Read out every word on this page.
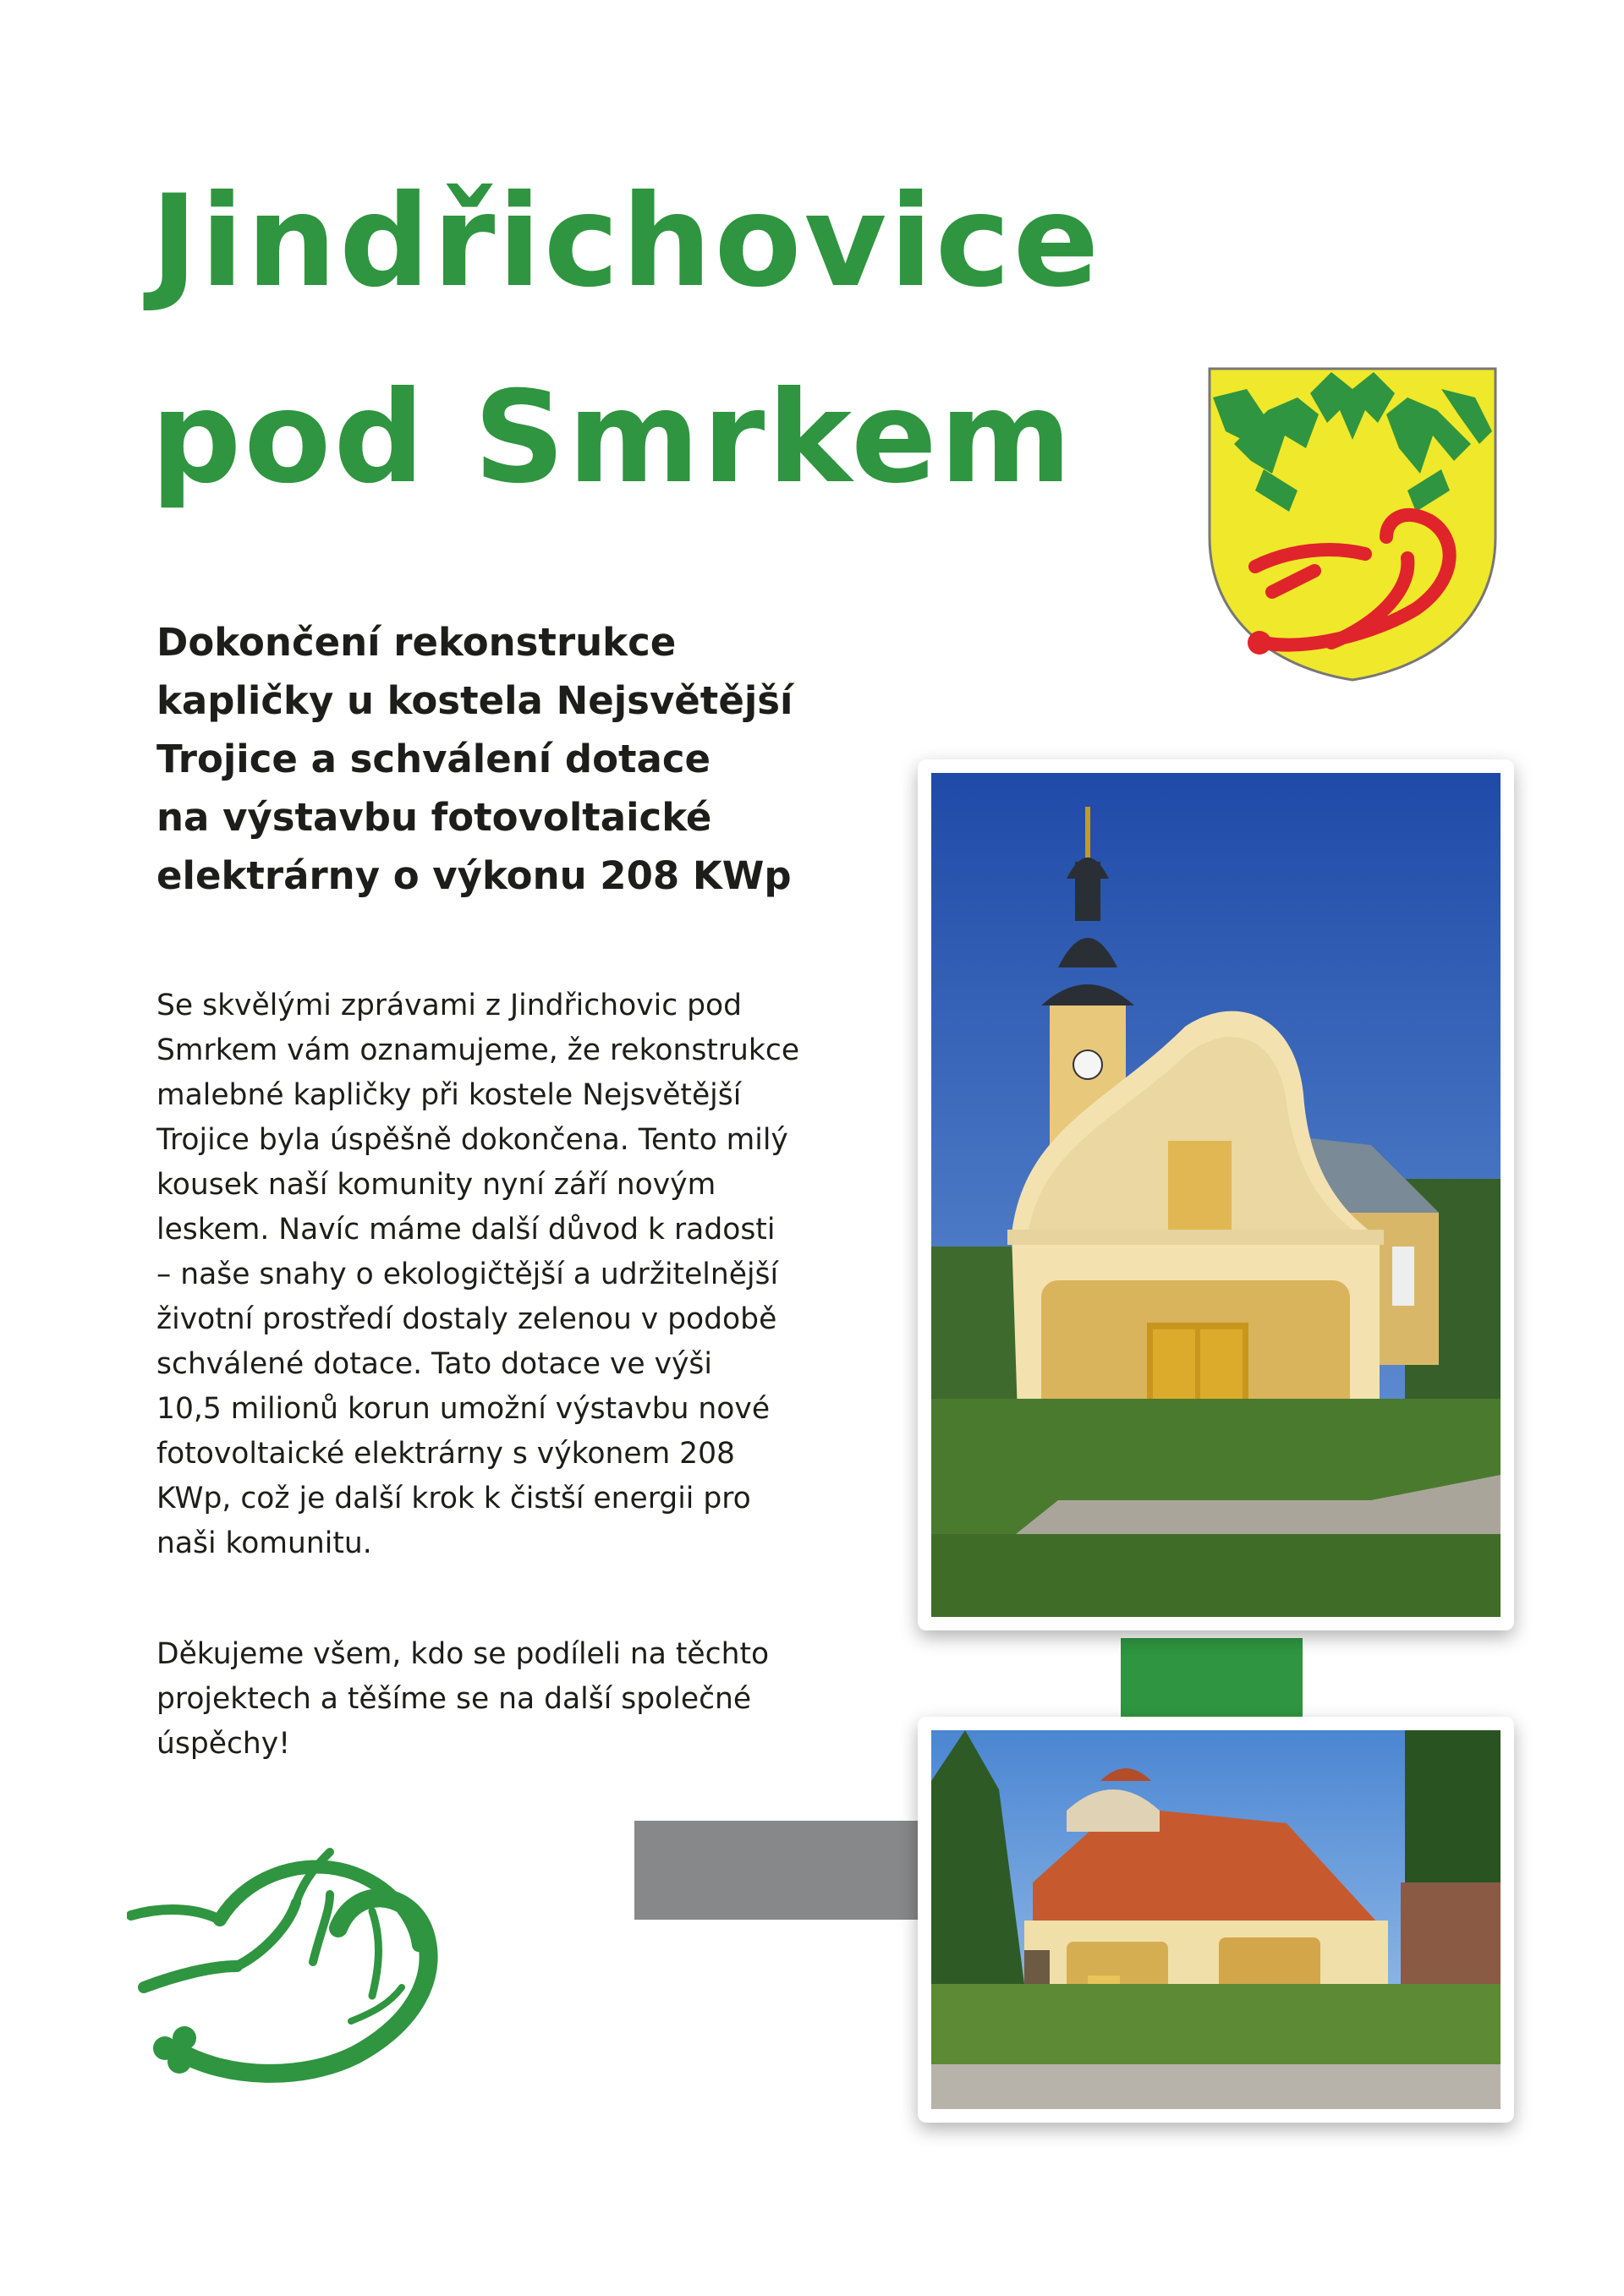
Jindřichovice
pod Smrkem
Dokončení rekonstrukce
kapličky u kostela Nejsvětější
Trojice a schválení dotace
na výstavbu fotovoltaické
elektrárny o výkonu 208 KWp

Se skvělými zprávami z Jindřichovic pod
Smrkem vám oznamujeme, že rekonstrukce
malebné kapličky při kostele Nejsvětější
Trojice byla úspěšně dokončena. Tento milý
kousek naší komunity nyní září novým
leskem. Navíc máme další důvod k radosti
– naše snahy o ekologičtější a udržitelnější
životní prostředí dostaly zelenou v podobě
schválené dotace. Tato dotace ve výši
10,5 milionů korun umožní výstavbu nové
fotovoltaické elektrárny s výkonem 208
KWp, což je další krok k čistší energii pro
naši komunitu.

Děkujeme všem, kdo se podíleli na těchto
projektech a těšíme se na další společné
úspěchy!
